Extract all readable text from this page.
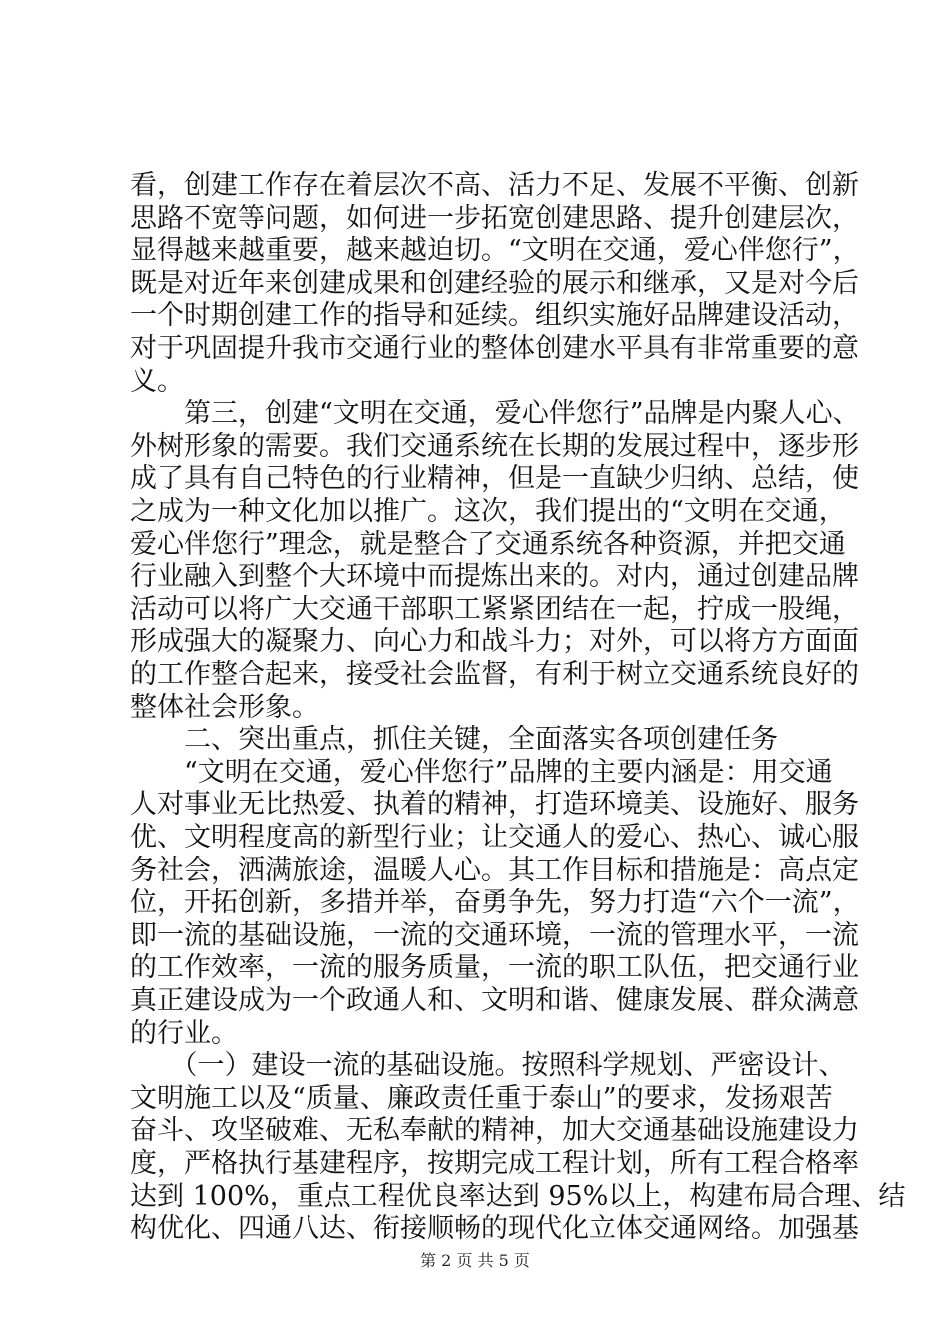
看，创建工作存在着层次不高、活力不足、发展不平衡、创新
思路不宽等问题，如何进一步拓宽创建思路、提升创建层次，
显得越来越重要，越来越迫切。“文明在交通，爱心伴您行”，
既是对近年来创建成果和创建经验的展示和继承，又是对今后
一个时期创建工作的指导和延续。组织实施好品牌建设活动，
对于巩固提升我市交通行业的整体创建水平具有非常重要的意
义。
　　第三，创建“文明在交通，爱心伴您行”品牌是内聚人心、
外树形象的需要。我们交通系统在长期的发展过程中，逐步形
成了具有自己特色的行业精神，但是一直缺少归纳、总结，使
之成为一种文化加以推广。这次，我们提出的“文明在交通，
爱心伴您行”理念，就是整合了交通系统各种资源，并把交通
行业融入到整个大环境中而提炼出来的。对内，通过创建品牌
活动可以将广大交通干部职工紧紧团结在一起，拧成一股绳，
形成强大的凝聚力、向心力和战斗力；对外，可以将方方面面
的工作整合起来，接受社会监督，有利于树立交通系统良好的
整体社会形象。
　　二、突出重点，抓住关键，全面落实各项创建任务
　　“文明在交通，爱心伴您行”品牌的主要内涵是：用交通
人对事业无比热爱、执着的精神，打造环境美、设施好、服务
优、文明程度高的新型行业；让交通人的爱心、热心、诚心服
务社会，洒满旅途，温暖人心。其工作目标和措施是：高点定
位，开拓创新，多措并举，奋勇争先，努力打造“六个一流”，
即一流的基础设施，一流的交通环境，一流的管理水平，一流
的工作效率，一流的服务质量，一流的职工队伍，把交通行业
真正建设成为一个政通人和、文明和谐、健康发展、群众满意
的行业。
　　（一）建设一流的基础设施。按照科学规划、严密设计、
文明施工以及“质量、廉政责任重于泰山”的要求，发扬艰苦
奋斗、攻坚破难、无私奉献的精神，加大交通基础设施建设力
度，严格执行基建程序，按期完成工程计划，所有工程合格率
达到 100%，重点工程优良率达到 95%以上，构建布局合理、结
构优化、四通八达、衔接顺畅的现代化立体交通网络。加强基
第 2 页 共 5 页
